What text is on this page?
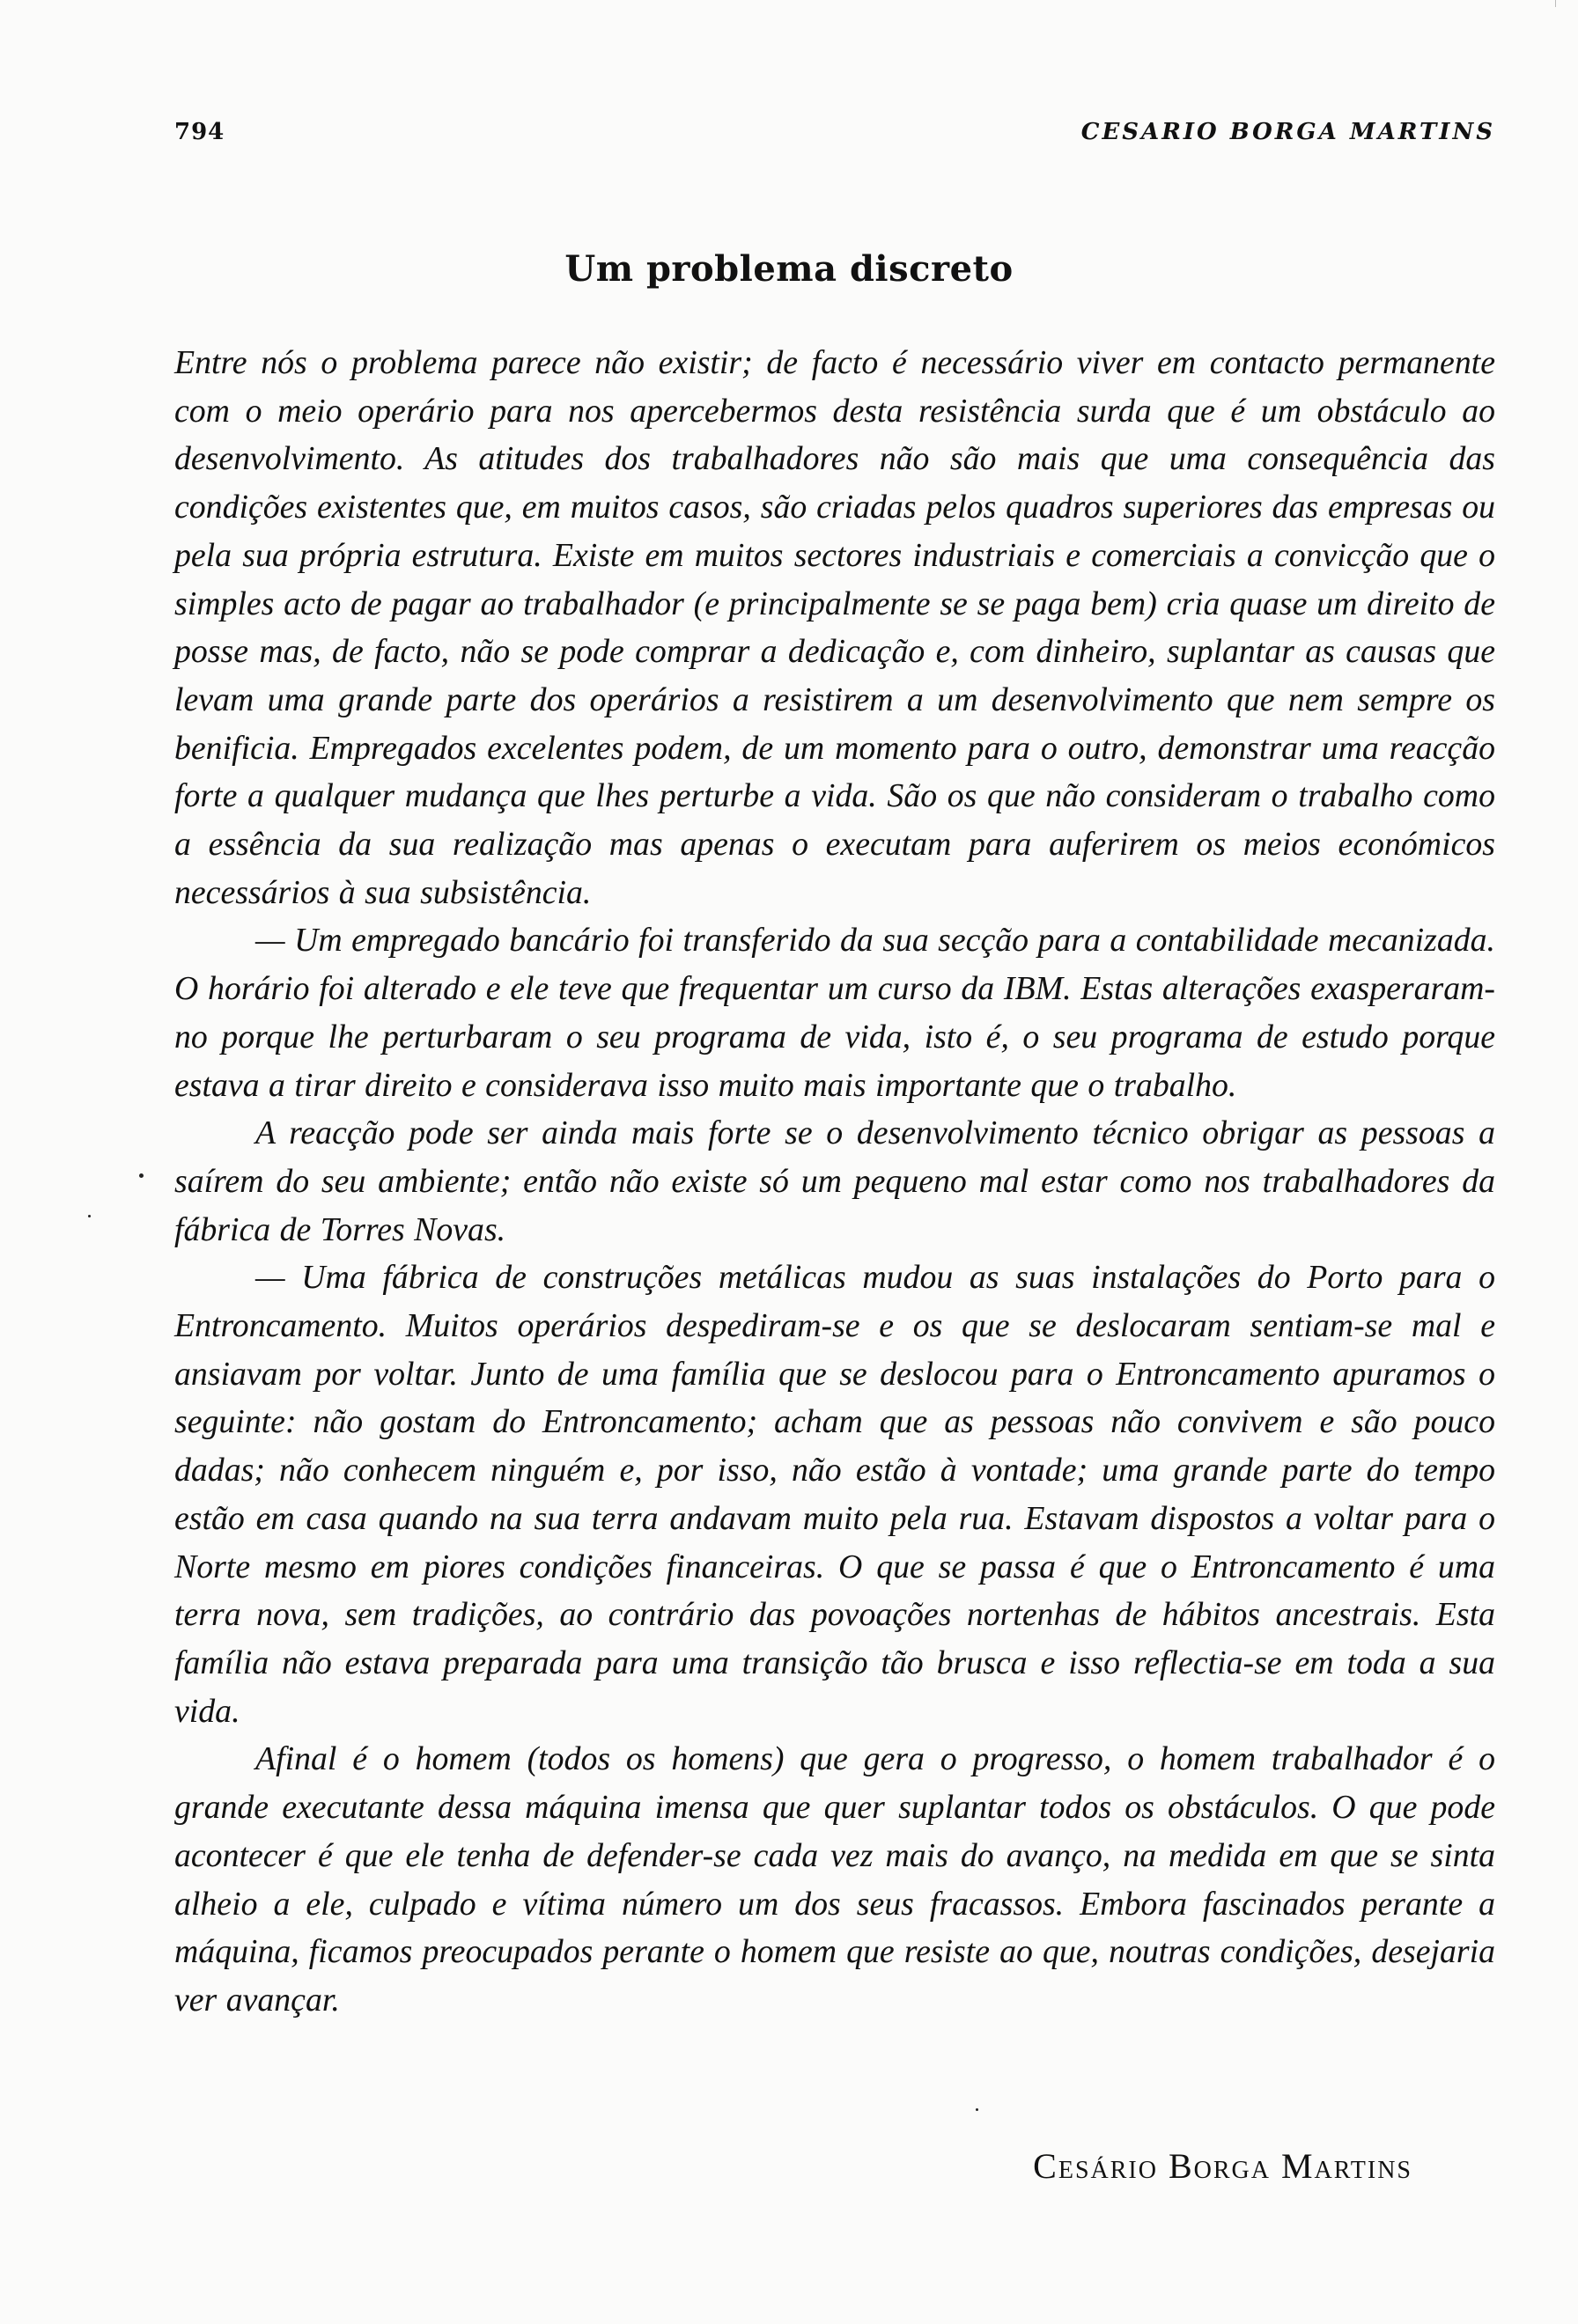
794	CESARIO BORGA MARTINS
Um problema discreto

Entre nós o problema parece não existir; de facto é necessário viver em contacto permanente com o meio operário para nos apercebermos desta resistência surda que é um obstáculo ao desenvolvimento. As atitudes dos trabalhadores não são mais que uma consequência das condições existentes que, em muitos casos, são criadas pelos quadros superiores das empresas ou pela sua própria estrutura. Existe em muitos sectores industriais e comerciais a convicção que o simples acto de pagar ao trabalhador (e principalmente se se paga bem) cria quase um direito de posse mas, de facto, não se pode comprar a dedicação e, com dinheiro, suplantar as causas que levam uma grande parte dos operários a resistirem a um desenvolvimento que nem sempre os benificia. Empregados excelentes podem, de um momento para o outro, demonstrar uma reacção forte a qualquer mudança que lhes perturbe a vida. São os que não consideram o trabalho como a essência da sua realização mas apenas o executam para auferirem os meios económicos necessários à sua subsistência.

— Um empregado bancário foi transferido da sua secção para a contabilidade mecanizada. O horário foi alterado e ele teve que frequentar um curso da IBM. Estas alterações exasperaram-no porque lhe perturbaram o seu programa de vida, isto é, o seu programa de estudo porque estava a tirar direito e considerava isso muito mais importante que o trabalho.

A reacção pode ser ainda mais forte se o desenvolvimento técnico obrigar as pessoas a saírem do seu ambiente; então não existe só um pequeno mal estar como nos trabalhadores da fábrica de Torres Novas.

— Uma fábrica de construções metálicas mudou as suas instalações do Porto para o Entroncamento. Muitos operários despediram-se e os que se deslocaram sentiam-se mal e ansiavam por voltar. Junto de uma família que se deslocou para o Entroncamento apuramos o seguinte: não gostam do Entroncamento; acham que as pessoas não convivem e são pouco dadas; não conhecem ninguém e, por isso, não estão à vontade; uma grande parte do tempo estão em casa quando na sua terra andavam muito pela rua. Estavam dispostos a voltar para o Norte mesmo em piores condições financeiras. O que se passa é que o Entroncamento é uma terra nova, sem tradições, ao contrário das povoações nortenhas de hábitos ancestrais. Esta família não estava preparada para uma transição tão brusca e isso reflectia-se em toda a sua vida.

Afinal é o homem (todos os homens) que gera o progresso, o homem trabalhador é o grande executante dessa máquina imensa que quer suplantar todos os obstáculos. O que pode acontecer é que ele tenha de defender-se cada vez mais do avanço, na medida em que se sinta alheio a ele, culpado e vítima número um dos seus fracassos. Embora fascinados perante a máquina, ficamos preocupados perante o homem que resiste ao que, noutras condições, desejaria ver avançar.

Cesário Borga Martins
